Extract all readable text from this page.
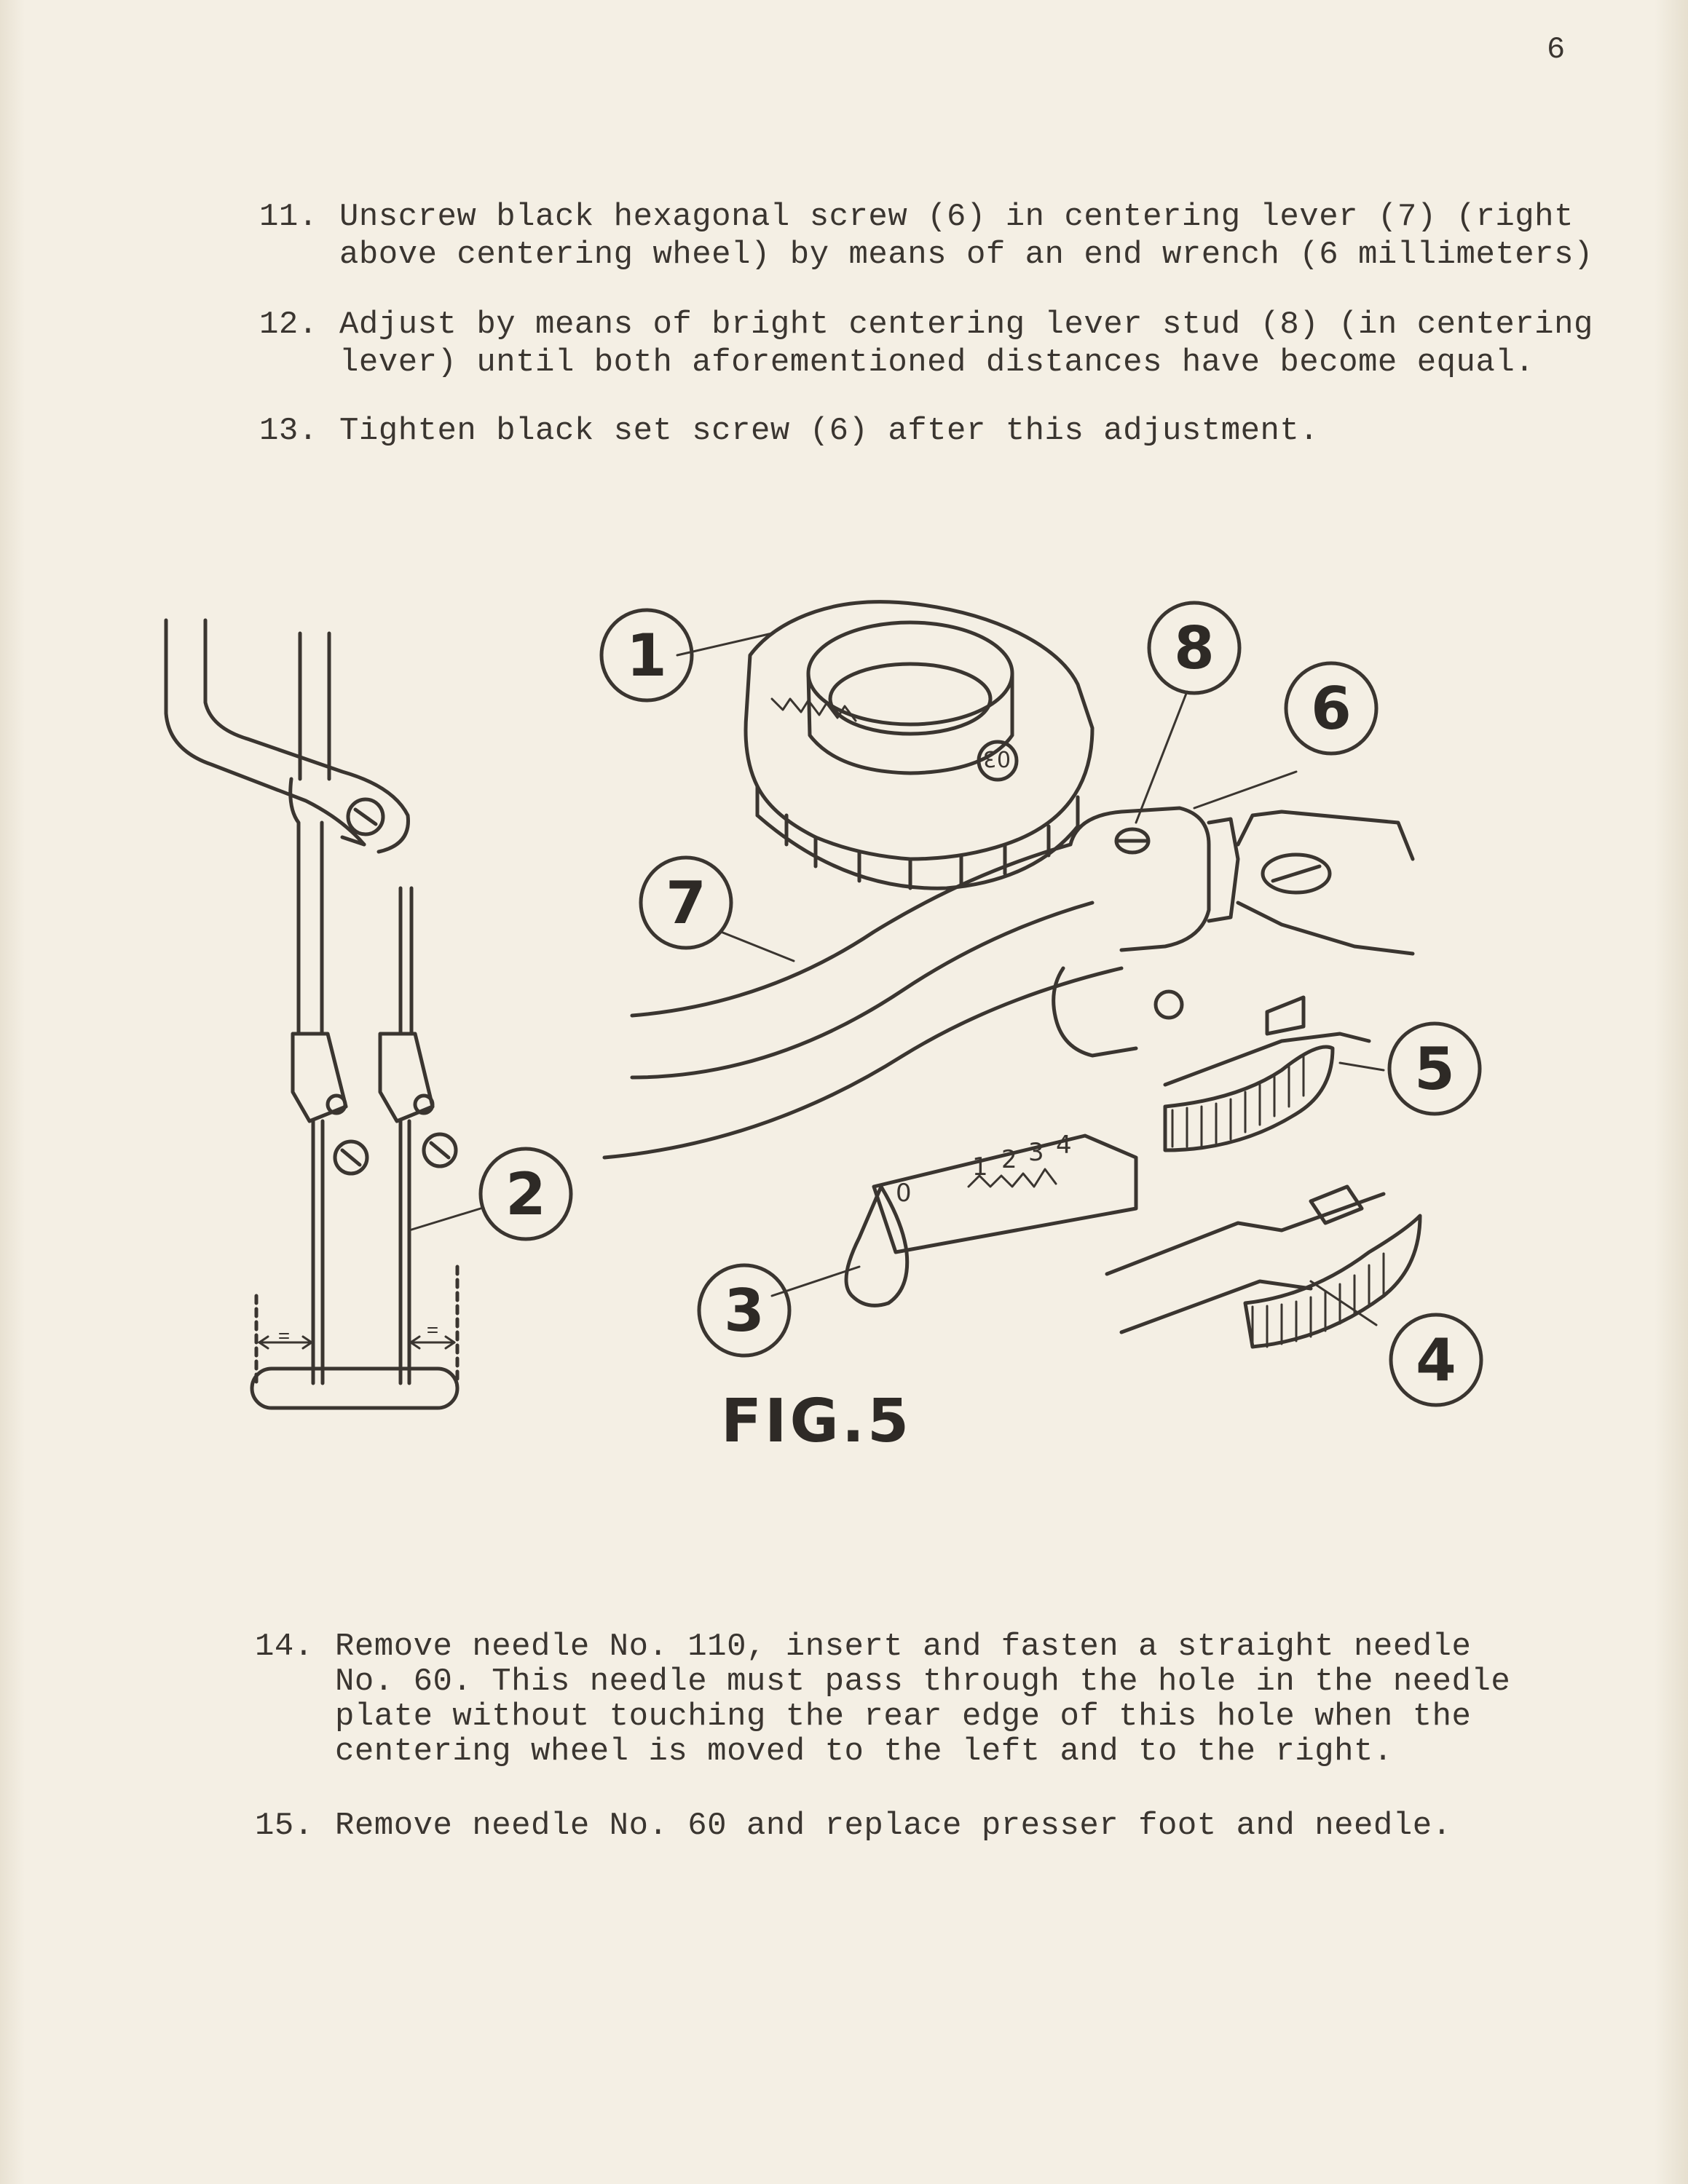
6

11.

Unscrew black hexagonal screw (6) in centering lever (7) (right

above centering wheel) by means of an end wrench (6 millimeters)

12.

Adjust by means of bright centering lever stud (8) (in centering

lever) until both aforementioned distances have become equal.

13.

Tighten black set screw (6) after this adjustment.

03
0
1 2 3 4
1
2
3
4
5
6
7
8
FIG.5

14.

Remove needle No. 110, insert and fasten a straight needle

No. 60. This needle must pass through the hole in the needle

plate without touching the rear edge of this hole when the

centering wheel is moved to the left and to the right.

15.

Remove needle No. 60 and replace presser foot and needle.
